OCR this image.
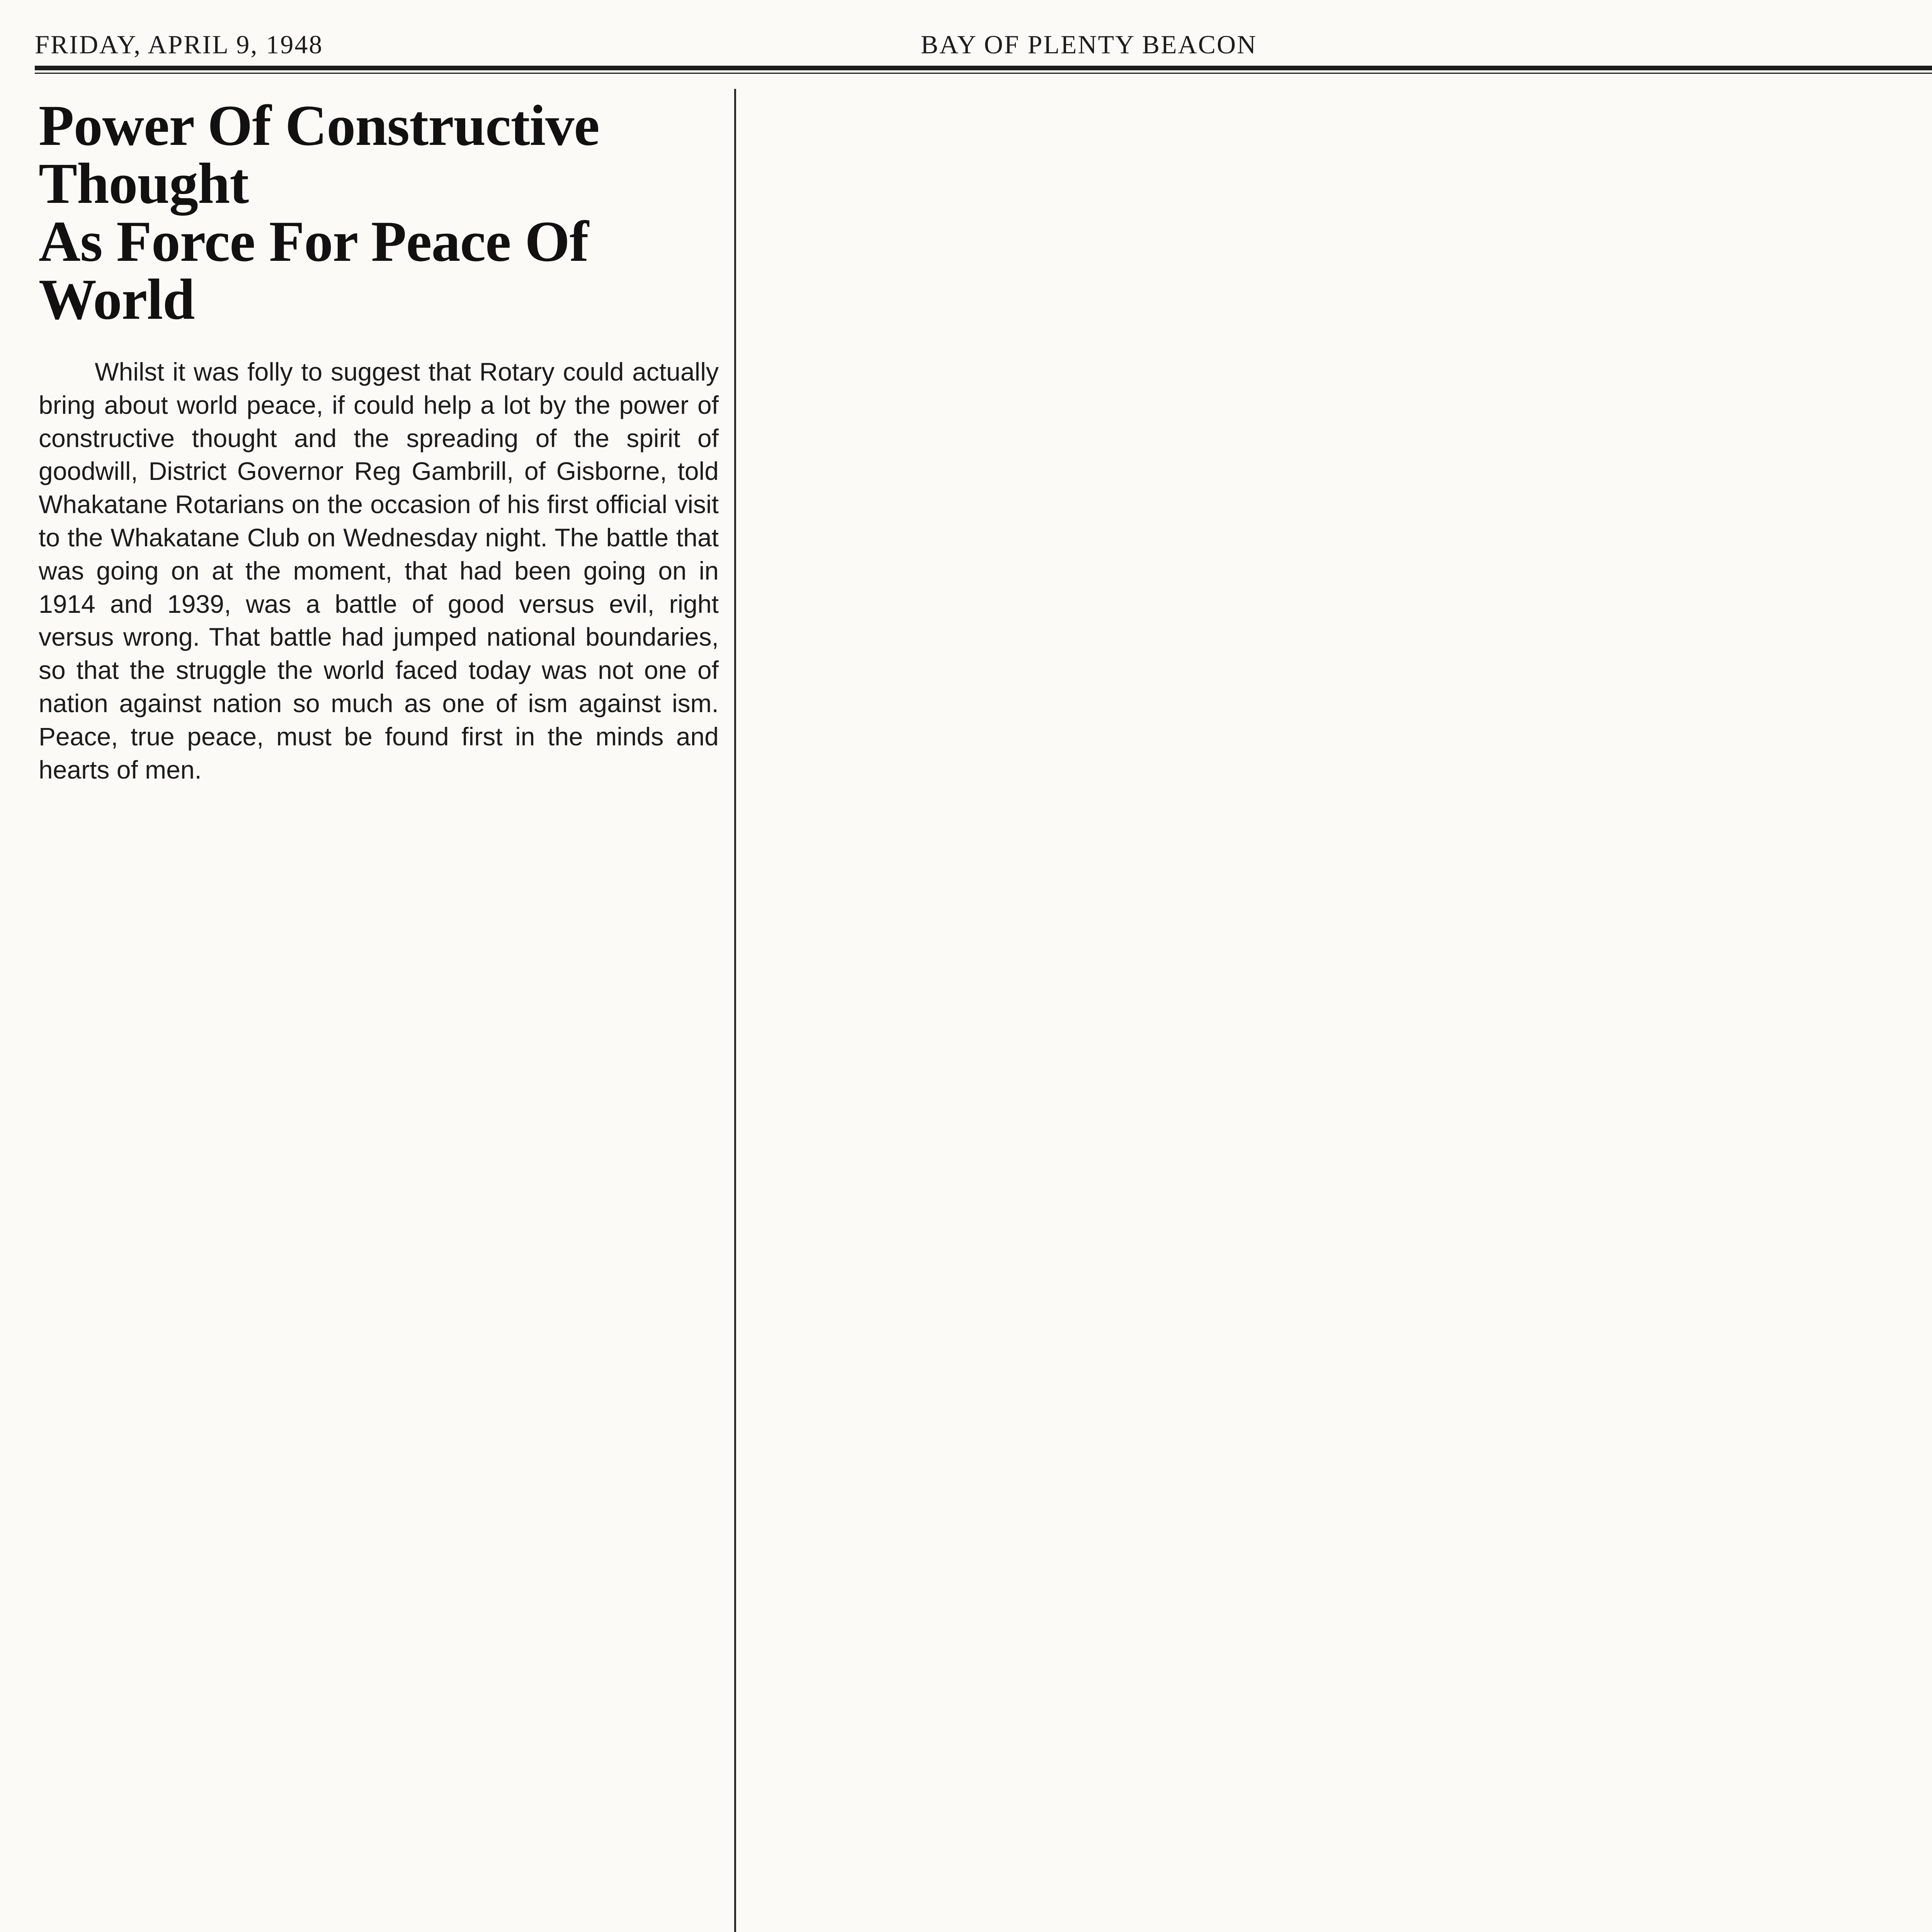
FRIDAY, APRIL 9, 1948	BAY OF PLENTY BEACON
Power Of Constructive Thought
As Force For Peace Of World

Whilst it was folly to suggest that Rotary could actually bring about world peace, if could help a lot by the power of constructive thought and the spreading of the spirit of goodwill, District Governor Reg Gambrill, of Gisborne, told Whakatane Rotarians on the occasion of his first official visit to the Whakatane Club on Wednesday night. The battle that was going on at the moment, that had been going on in 1914 and 1939, was a battle of good versus evil, right versus wrong. That battle had jumped national boundaries, so that the struggle the world faced today was not one of nation against nation so much as one of ism against ism. Peace, true peace, must be found first in the minds and hearts of men.
